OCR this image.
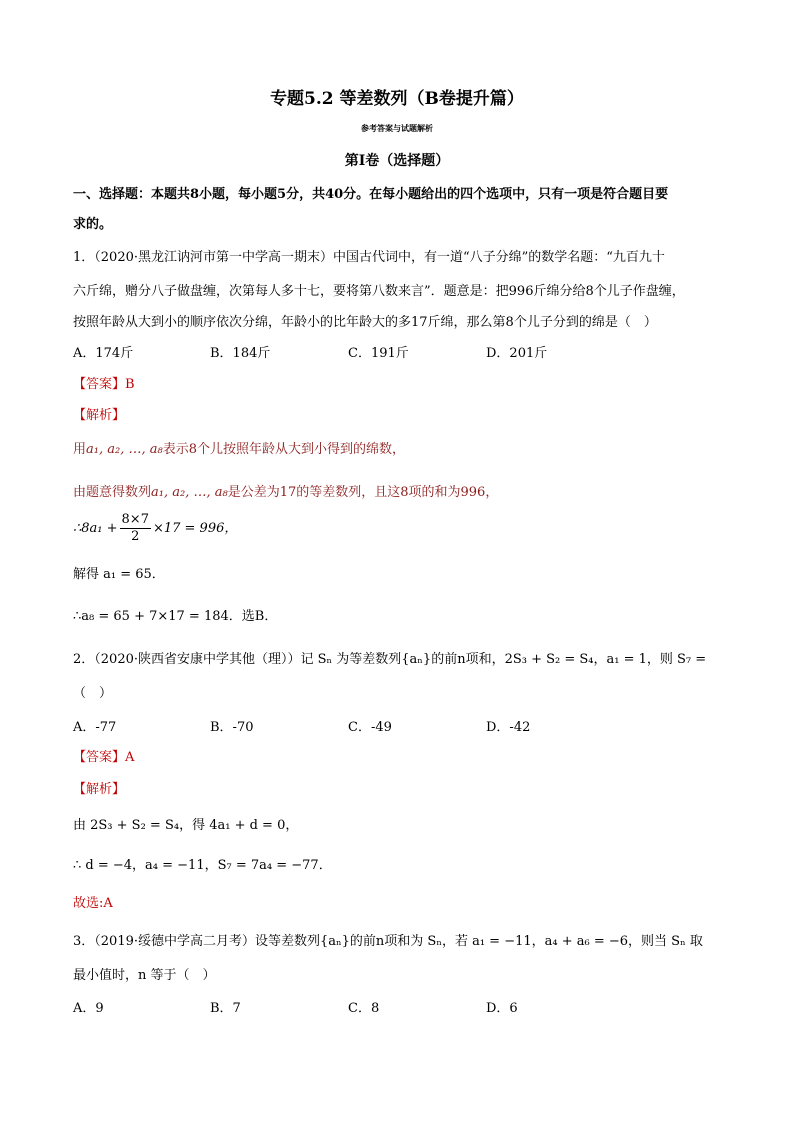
专题5.2 等差数列（B卷提升篇）
参考答案与试题解析
第Ⅰ卷（选择题）
一、选择题：本题共8小题，每小题5分，共40分。在每小题给出的四个选项中，只有一项是符合题目要
求的。
1．（2020·黑龙江讷河市第一中学高一期末）中国古代词中，有一道“八子分绵”的数学名题：“九百九十
六斤绵，赠分八子做盘缠，次第每人多十七，要将第八数来言”．题意是：把996斤绵分给8个儿子作盘缠，
按照年龄从大到小的顺序依次分绵，年龄小的比年龄大的多17斤绵，那么第8个儿子分到的绵是（　）
A．174斤	B．184斤	C．191斤	D．201斤
【答案】B
【解析】
用a₁, a₂, …, a₈表示8个儿按照年龄从大到小得到的绵数，
由题意得数列a₁, a₂, …, a₈是公差为17的等差数列，且这8项的和为996，
∴8a₁ + $\frac{8\times 7}{2} \times 17 = 996$，
解得 a₁ = 65．
∴a₈ = 65 + 7×17 = 184．选B．
2．（2020·陕西省安康中学其他（理））记 Sₙ 为等差数列{aₙ}的前n项和，2S₃ + S₂ = S₄，a₁ = 1，则 S₇ =
（　）
A．-77	B．-70	C．-49	D．-42
【答案】A
【解析】
由 2S₃ + S₂ = S₄，得 4a₁ + d = 0，
∴ d = −4，a₄ = −11，S₇ = 7a₄ = −77．
故选:A
3．（2019·绥德中学高二月考）设等差数列{aₙ}的前n项和为 Sₙ，若 a₁ = −11，a₄ + a₆ = −6，则当 Sₙ 取
最小值时，n 等于（　）
A．9	B．7	C．8	D．6
